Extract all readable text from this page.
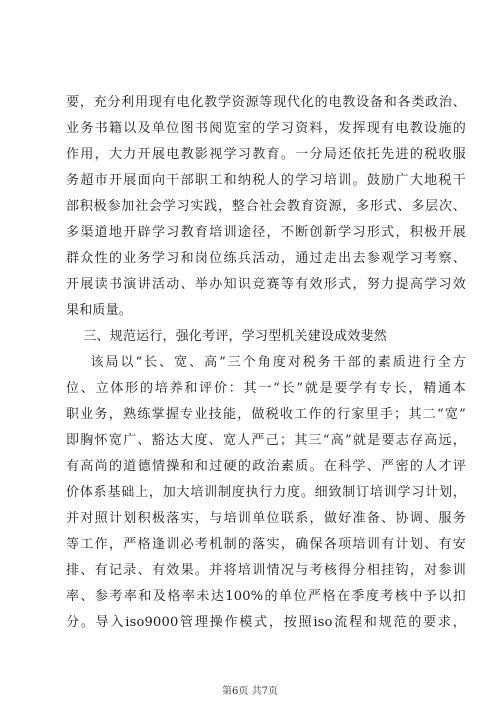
要，充分利用现有电化教学资源等现代化的电教设备和各类政治、
业务书籍以及单位图书阅览室的学习资料，发挥现有电教设施的
作用，大力开展电教影视学习教育。一分局还依托先进的税收服
务超市开展面向干部职工和纳税人的学习培训。鼓励广大地税干
部积极参加社会学习实践，整合社会教育资源，多形式、多层次、
多渠道地开辟学习教育培训途径，不断创新学习形式，积极开展
群众性的业务学习和岗位练兵活动，通过走出去参观学习考察、
开展读书演讲活动、举办知识竞赛等有效形式，努力提高学习效
果和质量。
三、规范运行，强化考评，学习型机关建设成效斐然
该局以“长、宽、高”三个角度对税务干部的素质进行全方
位、立体形的培养和评价：其一“长”就是要学有专长，精通本
职业务，熟练掌握专业技能，做税收工作的行家里手；其二“宽”
即胸怀宽广、豁达大度、宽人严己；其三“高”就是要志存高远，
有高尚的道德情操和和过硬的政治素质。在科学、严密的人才评
价体系基础上，加大培训制度执行力度。细致制订培训学习计划，
并对照计划积极落实，与培训单位联系，做好准备、协调、服务
等工作，严格逢训必考机制的落实，确保各项培训有计划、有安
排、有记录、有效果。并将培训情况与考核得分相挂钩，对参训
率、参考率和及格率未达100%的单位严格在季度考核中予以扣
分。导入iso9000管理操作模式，按照iso流程和规范的要求，
第6页 共7页
